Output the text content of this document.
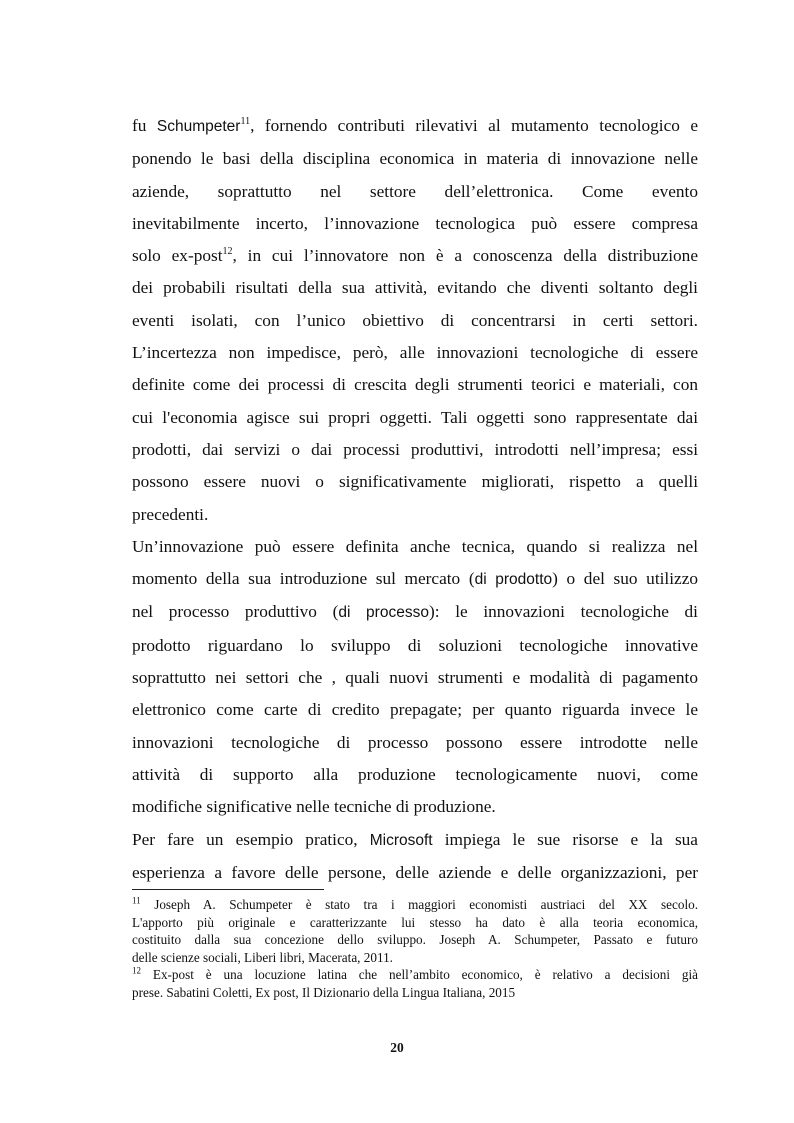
fu Schumpeter$^{11}$, fornendo contributi rilevativi al mutamento tecnologico e
ponendo le basi della disciplina economica in materia di innovazione nelle
aziende, soprattutto nel settore dell’elettronica. Come evento
inevitabilmente incerto, l’innovazione tecnologica può essere compresa
solo ex-post$^{12}$, in cui l’innovatore non è a conoscenza della distribuzione
dei probabili risultati della sua attività, evitando che diventi soltanto degli
eventi isolati, con l’unico obiettivo di concentrarsi in certi settori.
L’incertezza non impedisce, però, alle innovazioni tecnologiche di essere
definite come dei processi di crescita degli strumenti teorici e materiali, con
cui l'economia agisce sui propri oggetti. Tali oggetti sono rappresentate dai
prodotti, dai servizi o dai processi produttivi, introdotti nell’impresa; essi
possono essere nuovi o significativamente migliorati, rispetto a quelli
precedenti.
Un’innovazione può essere definita anche tecnica, quando si realizza nel
momento della sua introduzione sul mercato (di prodotto) o del suo utilizzo
nel processo produttivo (di processo): le innovazioni tecnologiche di
prodotto riguardano lo sviluppo di soluzioni tecnologiche innovative
soprattutto nei settori che , quali nuovi strumenti e modalità di pagamento
elettronico come carte di credito prepagate; per quanto riguarda invece le
innovazioni tecnologiche di processo possono essere introdotte nelle
attività di supporto alla produzione tecnologicamente nuovi, come
modifiche significative nelle tecniche di produzione.
Per fare un esempio pratico, Microsoft impiega le sue risorse e la sua
esperienza a favore delle persone, delle aziende e delle organizzazioni, per
$^{11}$ Joseph A. Schumpeter è stato tra i maggiori economisti austriaci del XX secolo.
L'apporto più originale e caratterizzante lui stesso ha dato è alla teoria economica,
costituito dalla sua concezione dello sviluppo. Joseph A. Schumpeter, Passato e futuro
delle scienze sociali, Liberi libri, Macerata, 2011.
$^{12}$ Ex-post è una locuzione latina che nell’ambito economico, è relativo a decisioni già
prese. Sabatini Coletti, Ex post, Il Dizionario della Lingua Italiana, 2015
20
